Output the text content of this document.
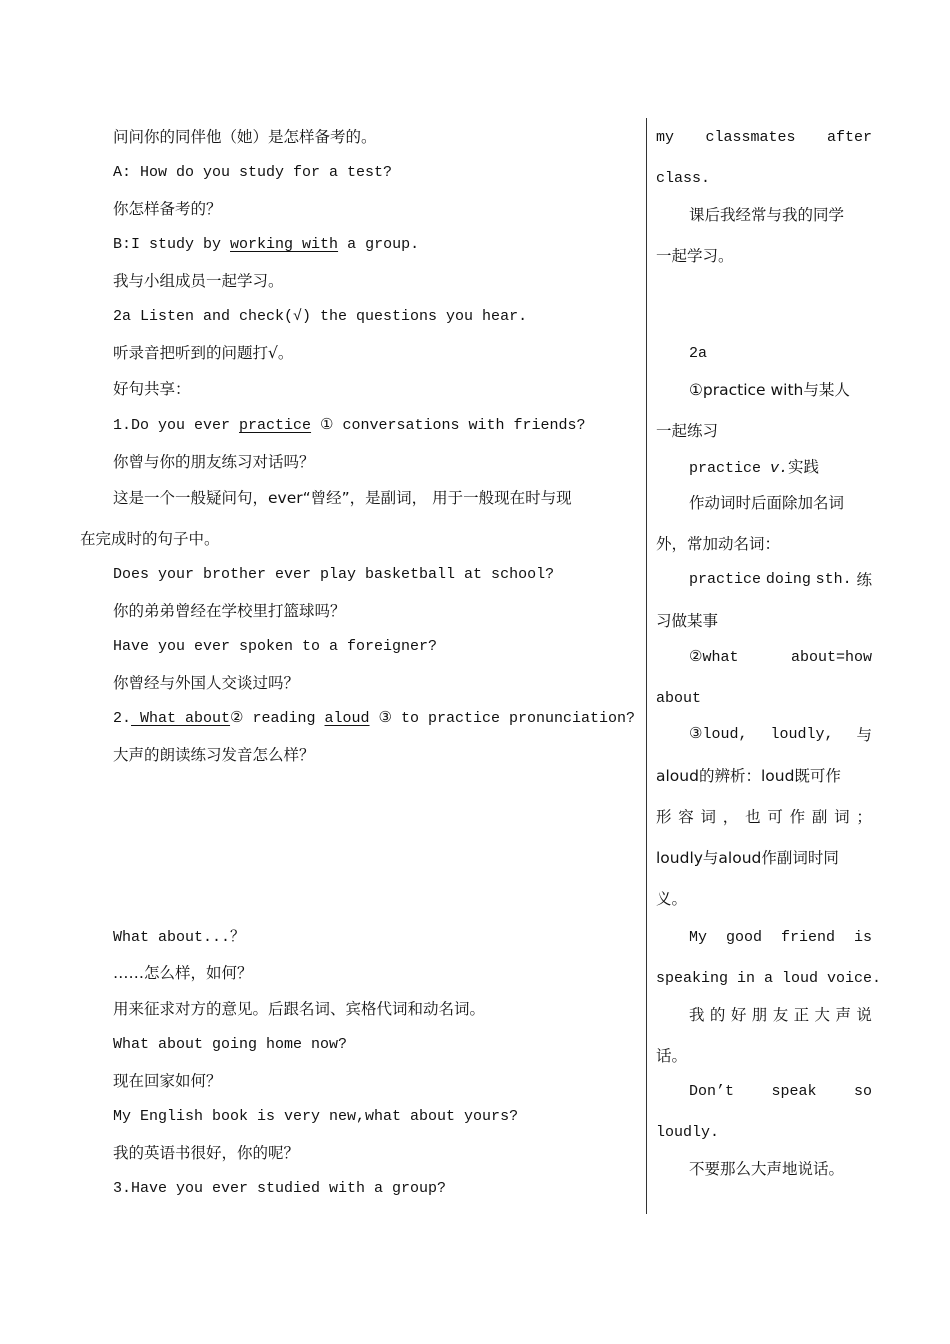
问问你的同伴他（她）是怎样备考的。
A: How do you study for a test?
你怎样备考的？
B:I study by working with a group.
我与小组成员一起学习。
2a Listen and check(√) the questions you hear.
听录音把听到的问题打√。
好句共享：
1.Do you ever practice ① conversations with friends?
你曾与你的朋友练习对话吗？
这是一个一般疑问句，ever“曾经”，是副词， 用于一般现在时与现
在完成时的句子中。
Does your brother ever play basketball at school?
你的弟弟曾经在学校里打篮球吗？
Have you ever spoken to a foreigner?
你曾经与外国人交谈过吗？
2. What about② reading aloud ③ to practice pronunciation?
大声的朗读练习发音怎么样？
What about...？
……怎么样，如何？
用来征求对方的意见。后跟名词、宾格代词和动名词。
What about going home now?
现在回家如何？
My English book is very new,what about yours?
我的英语书很好，你的呢？
3.Have you ever studied with a group?
my classmates after
class.
课后我经常与我的同学
一起学习。
2a
①practice with与某人
一起练习
practice v.实践
作动词时后面除加名词
外，常加动名词：
practice doing sth. 练
习做某事
②what	about=how
about
③loud, loudly, 与
aloud的辨析：loud既可作
形 容 词 ， 也 可 作 副 词 ；
loudly与aloud作副词时同
义。
My good friend is
speaking in a loud voice.
我 的 好 朋 友 正 大 声 说
话。
Don’t speak so
loudly.
不要那么大声地说话。
